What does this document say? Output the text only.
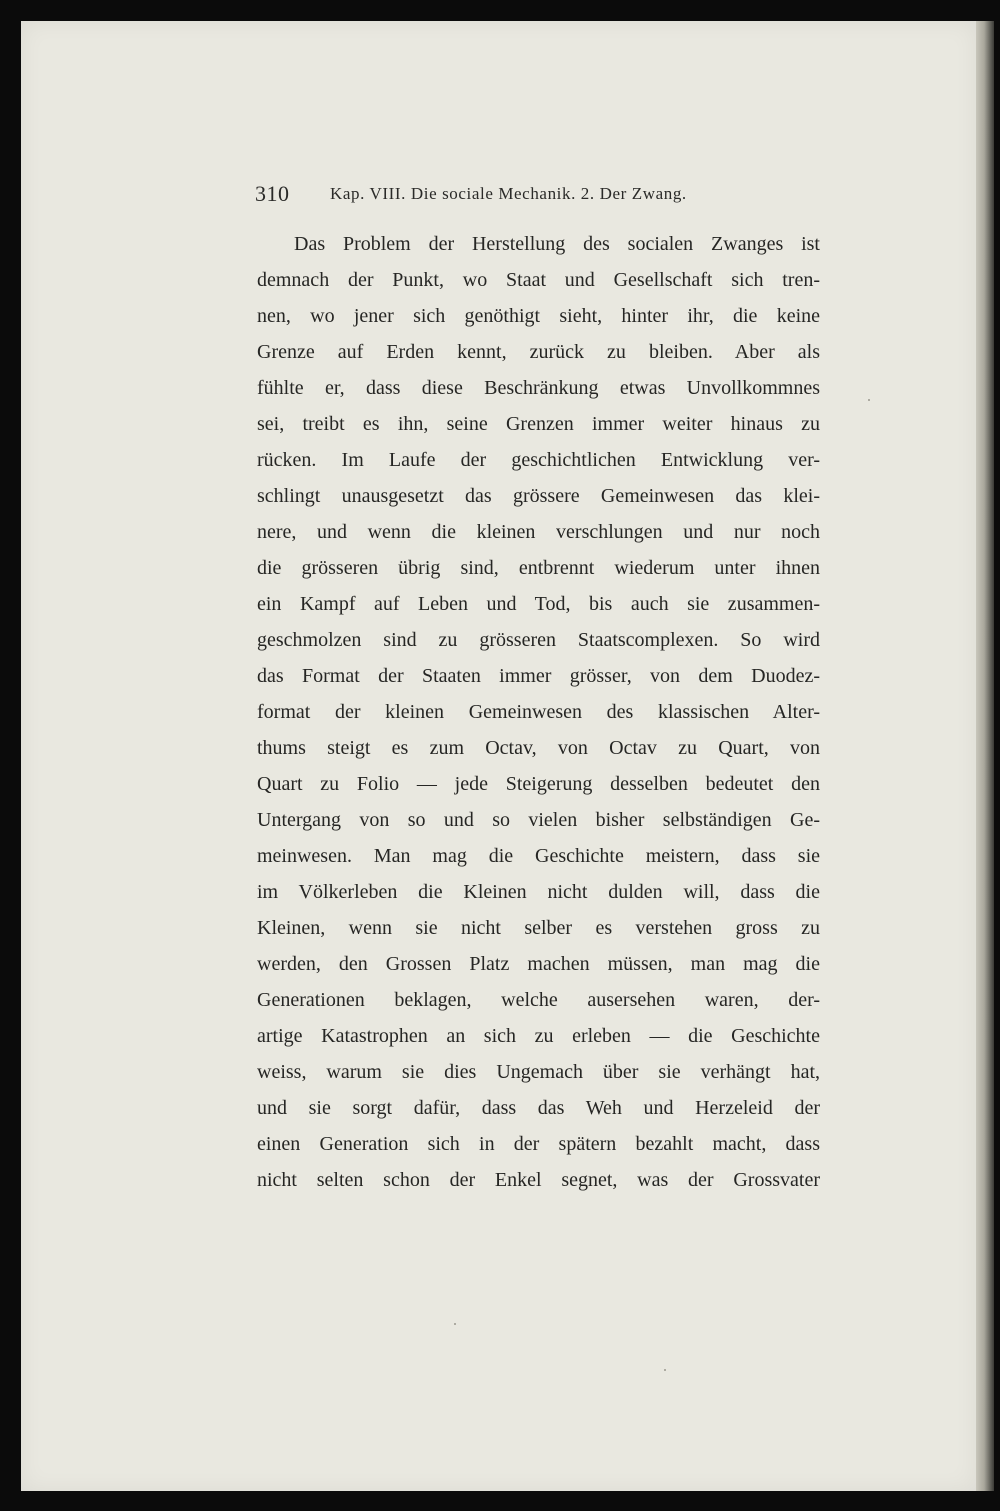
310 Kap. VIII. Die sociale Mechanik. 2. Der Zwang.
Das Problem der Herstellung des socialen Zwanges ist
demnach der Punkt, wo Staat und Gesellschaft sich tren-
nen, wo jener sich genöthigt sieht, hinter ihr, die keine
Grenze auf Erden kennt, zurück zu bleiben. Aber als
fühlte er, dass diese Beschränkung etwas Unvollkommnes
sei, treibt es ihn, seine Grenzen immer weiter hinaus zu
rücken. Im Laufe der geschichtlichen Entwicklung ver-
schlingt unausgesetzt das grössere Gemeinwesen das klei-
nere, und wenn die kleinen verschlungen und nur noch
die grösseren übrig sind, entbrennt wiederum unter ihnen
ein Kampf auf Leben und Tod, bis auch sie zusammen-
geschmolzen sind zu grösseren Staatscomplexen. So wird
das Format der Staaten immer grösser, von dem Duodez-
format der kleinen Gemeinwesen des klassischen Alter-
thums steigt es zum Octav, von Octav zu Quart, von
Quart zu Folio — jede Steigerung desselben bedeutet den
Untergang von so und so vielen bisher selbständigen Ge-
meinwesen. Man mag die Geschichte meistern, dass sie
im Völkerleben die Kleinen nicht dulden will, dass die
Kleinen, wenn sie nicht selber es verstehen gross zu
werden, den Grossen Platz machen müssen, man mag die
Generationen beklagen, welche ausersehen waren, der-
artige Katastrophen an sich zu erleben — die Geschichte
weiss, warum sie dies Ungemach über sie verhängt hat,
und sie sorgt dafür, dass das Weh und Herzeleid der
einen Generation sich in der spätern bezahlt macht, dass
nicht selten schon der Enkel segnet, was der Grossvater
